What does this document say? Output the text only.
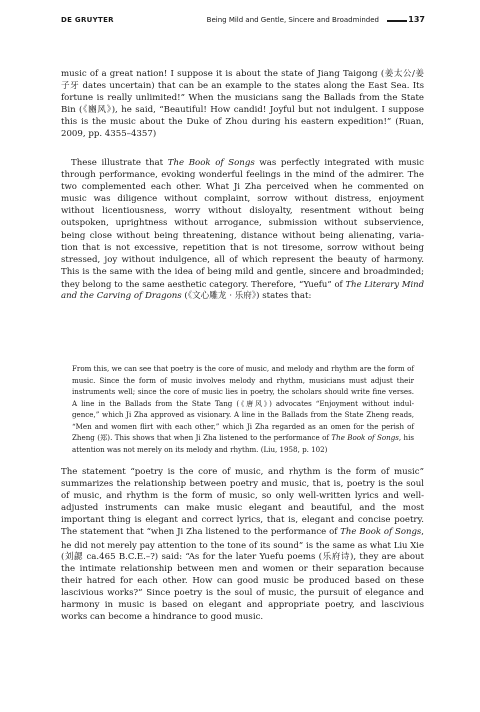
DE GRUYTER	Being Mild and Gentle, Sincere and Broadminded	137
music of a great nation! I suppose it is about the state of Jiang Taigong (姜太公/姜
子牙 dates uncertain) that can be an example to the states along the East Sea. Its
fortune is really unlimited!” When the musicians sang the Ballads from the State
Bin (《豳风》), he said, “Beautiful! How candid! Joyful but not indulgent. I suppose
this is the music about the Duke of Zhou during his eastern expedition!” (Ruan,
2009, pp. 4355–4357)
These illustrate that The Book of Songs was perfectly integrated with music
through performance, evoking wonderful feelings in the mind of the admirer. The
two complemented each other. What Ji Zha perceived when he commented on
music was diligence without complaint, sorrow without distress, enjoyment
without licentiousness, worry without disloyalty, resentment without being
outspoken, uprightness without arrogance, submission without subservience,
being close without being threatening, distance without being alienating, varia-
tion that is not excessive, repetition that is not tiresome, sorrow without being
stressed, joy without indulgence, all of which represent the beauty of harmony.
This is the same with the idea of being mild and gentle, sincere and broadminded;
they belong to the same aesthetic category. Therefore, “Yuefu” of The Literary Mind
and the Carving of Dragons (《文心雕龙 · 乐府》) states that:
From this, we can see that poetry is the core of music, and melody and rhythm are the form of
music. Since the form of music involves melody and rhythm, musicians must adjust their
instruments well; since the core of music lies in poetry, the scholars should write fine verses.
A line in the Ballads from the State Tang (《唐风》) advocates “Enjoyment without indul-
gence,” which Ji Zha approved as visionary. A line in the Ballads from the State Zheng reads,
“Men and women flirt with each other,” which Ji Zha regarded as an omen for the perish of
Zheng (郑). This shows that when Ji Zha listened to the performance of The Book of Songs, his
attention was not merely on its melody and rhythm. (Liu, 1958, p. 102)
The statement “poetry is the core of music, and rhythm is the form of music”
summarizes the relationship between poetry and music, that is, poetry is the soul
of music, and rhythm is the form of music, so only well-written lyrics and well-
adjusted instruments can make music elegant and beautiful, and the most
important thing is elegant and correct lyrics, that is, elegant and concise poetry.
The statement that “when Ji Zha listened to the performance of The Book of Songs,
he did not merely pay attention to the tone of its sound” is the same as what Liu Xie
(刘勰 ca.465 B.C.E.–?) said: “As for the later Yuefu poems (乐府诗), they are about
the intimate relationship between men and women or their separation because
their hatred for each other. How can good music be produced based on these
lascivious works?” Since poetry is the soul of music, the pursuit of elegance and
harmony in music is based on elegant and appropriate poetry, and lascivious
works can become a hindrance to good music.
